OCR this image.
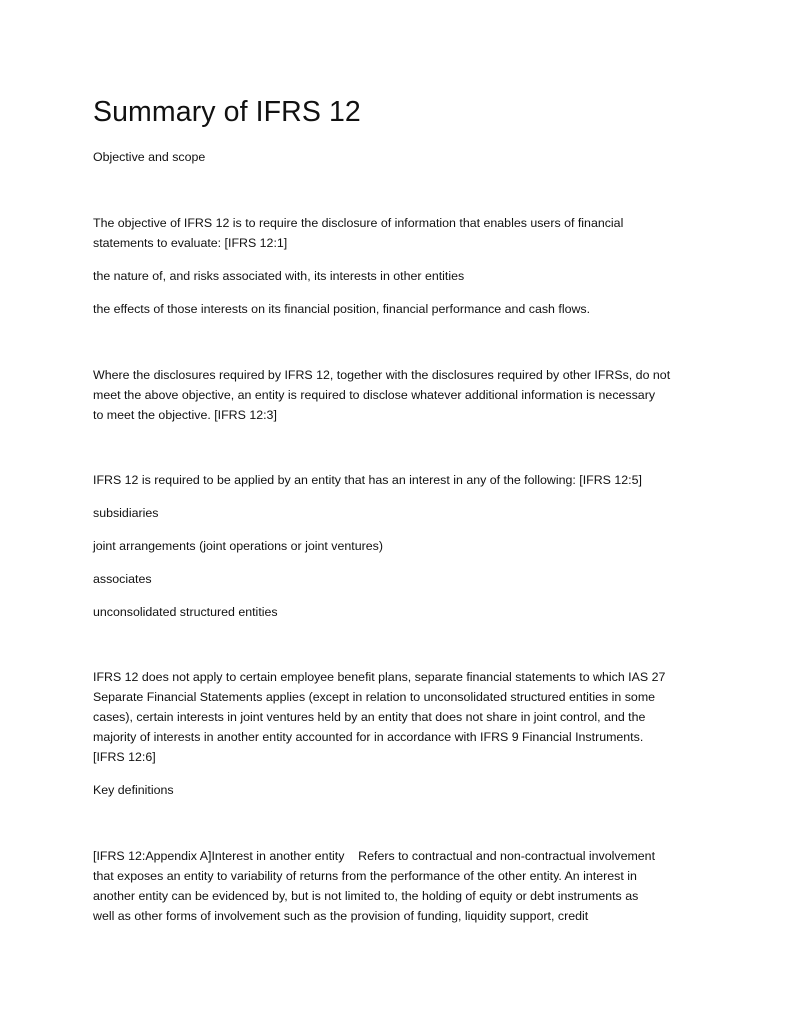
Summary of IFRS 12

Objective and scope

The objective of IFRS 12 is to require the disclosure of information that enables users of financial
statements to evaluate: [IFRS 12:1]

the nature of, and risks associated with, its interests in other entities

the effects of those interests on its financial position, financial performance and cash flows.

Where the disclosures required by IFRS 12, together with the disclosures required by other IFRSs, do not
meet the above objective, an entity is required to disclose whatever additional information is necessary
to meet the objective. [IFRS 12:3]

IFRS 12 is required to be applied by an entity that has an interest in any of the following: [IFRS 12:5]

subsidiaries

joint arrangements (joint operations or joint ventures)

associates

unconsolidated structured entities

IFRS 12 does not apply to certain employee benefit plans, separate financial statements to which IAS 27
Separate Financial Statements applies (except in relation to unconsolidated structured entities in some
cases), certain interests in joint ventures held by an entity that does not share in joint control, and the
majority of interests in another entity accounted for in accordance with IFRS 9 Financial Instruments.
[IFRS 12:6]

Key definitions

[IFRS 12:Appendix A]Interest in another entity    Refers to contractual and non-contractual involvement
that exposes an entity to variability of returns from the performance of the other entity. An interest in
another entity can be evidenced by, but is not limited to, the holding of equity or debt instruments as
well as other forms of involvement such as the provision of funding, liquidity support, credit
